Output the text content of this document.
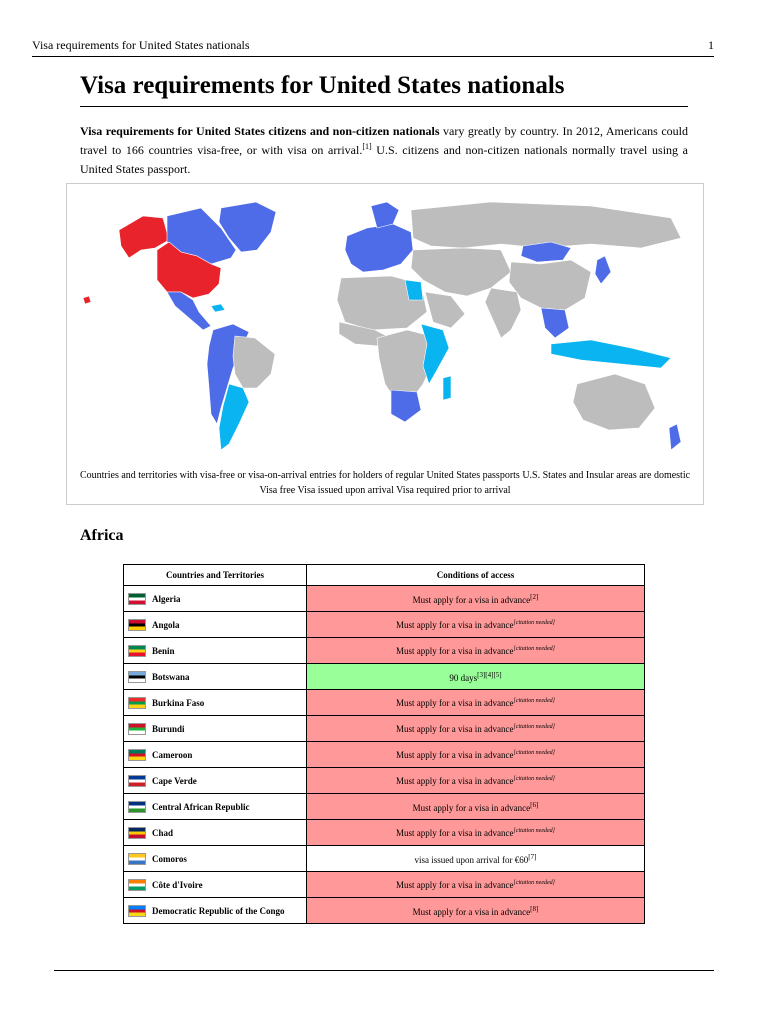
Visa requirements for United States nationals	1
Visa requirements for United States nationals

Visa requirements for United States citizens and non-citizen nationals vary greatly by country. In 2012, Americans could travel to 166 countries visa-free, or with visa on arrival.[1] U.S. citizens and non-citizen nationals normally travel using a United States passport.

Countries and territories with visa-free or visa-on-arrival entries for holders of regular United States passports U.S. States and Insular areas are domestic Visa free Visa issued upon arrival Visa required prior to arrival

Africa
Countries and Territories	Conditions of access
Algeria	Must apply for a visa in advance[2]
Angola	Must apply for a visa in advance[citation needed]
Benin	Must apply for a visa in advance[citation needed]
Botswana	90 days[3][4][5]
Burkina Faso	Must apply for a visa in advance[citation needed]
Burundi	Must apply for a visa in advance[citation needed]
Cameroon	Must apply for a visa in advance[citation needed]
Cape Verde	Must apply for a visa in advance[citation needed]
Central African Republic	Must apply for a visa in advance[6]
Chad	Must apply for a visa in advance[citation needed]
Comoros	visa issued upon arrival for €60[7]
Côte d'Ivoire	Must apply for a visa in advance[citation needed]
Democratic Republic of the Congo	Must apply for a visa in advance[8]
